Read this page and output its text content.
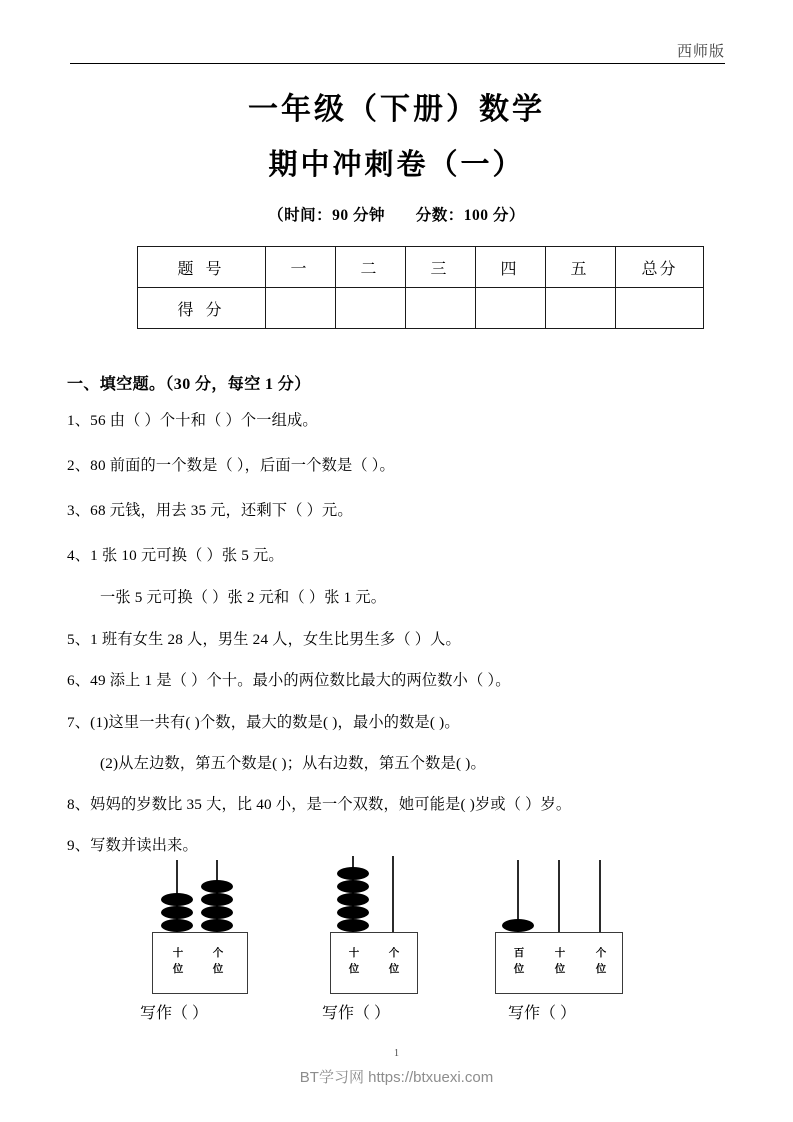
西师版
一年级（下册）数学
期中冲刺卷（一）
（时间：90 分钟 分数：100 分）
题 号	一	二	三	四	五	总分
得 分						
一、填空题。（30 分，每空 1 分）
1、56 由（ ）个十和（ ）个一组成。
2、80 前面的一个数是（ ），后面一个数是（ ）。
3、68 元钱，用去 35 元，还剩下（ ）元。
4、1 张 10 元可换（ ）张 5 元。
一张 5 元可换（ ）张 2 元和（ ）张 1 元。
5、1 班有女生 28 人，男生 24 人，女生比男生多（ ）人。
6、49 添上 1 是（ ）个十。最小的两位数比最大的两位数小（ ）。
7、(1)这里一共有( )个数，最大的数是( )，最小的数是( )。
(2)从左边数，第五个数是( )；从右边数，第五个数是( )。
8、妈妈的岁数比 35 大，比 40 小，是一个双数，她可能是( )岁或（ ）岁。
9、写数并读出来。
十
位
个
位
写作（ ）
十
位
个
位
写作（ ）
百
位
十
位
个
位
写作（ ）
1
BT学习网 https://btxuexi.com
